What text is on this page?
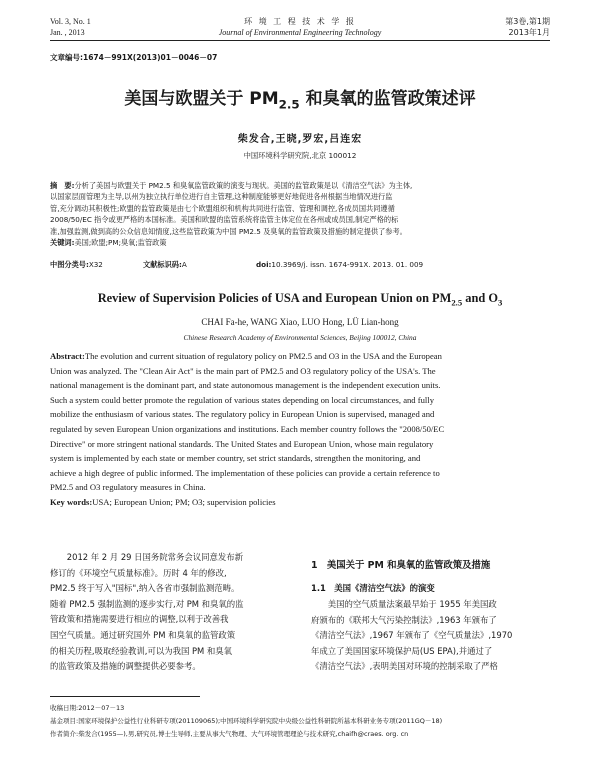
Vol. 3, No. 1
Jan. , 2013
环 境 工 程 技 术 学 报
Journal of Environmental Engineering Technology
第3卷,第1期
2013年1月
文章编号:1674－991X(2013)01－0046－07
美国与欧盟关于 $PM_{2.5}$ 和臭氧的监管政策述评
柴发合,王晓,罗宏,吕连宏
中国环境科学研究院,北京 100012
摘　要:分析了美国与欧盟关于 PM2.5 和臭氧监管政策的演变与现状。美国的监管政策是以《清洁空气法》为主体,
以国家层面管理为主导,以州为独立执行单位进行自主管理,这种制度能够更好地促进各州根据当地情况进行监
管,充分调动其积极性;欧盟的监管政策是由七个欧盟组织和机构共同进行监管、管理和调控,各成员国共同遵循
2008/50/EC 指令或更严格的本国标准。美国和欧盟的监管系统将监管主体定位在各州或成员国,制定严格的标
准,加强监测,做到高的公众信息知情度,这些监管政策为中国 PM2.5 及臭氧的监管政策及措施的制定提供了参考。
关键词:美国;欧盟;PM;臭氧;监管政策
中图分类号:X32	文献标识码:A	doi:10.3969/j. issn. 1674-991X. 2013. 01. 009
Review of Supervision Policies of USA and European Union on $PM_{2.5}$ and $O_3$
CHAI Fa-he, WANG Xiao, LUO Hong, LÜ Lian-hong
Chinese Research Academy of Environmental Sciences, Beijing 100012, China
Abstract:The evolution and current situation of regulatory policy on PM2.5 and O3 in the USA and the European
Union was analyzed. The "Clean Air Act" is the main part of PM2.5 and O3 regulatory policy of the USA's. The
national management is the dominant part, and state autonomous management is the independent execution units.
Such a system could better promote the regulation of various states depending on local circumstances, and fully
mobilize the enthusiasm of various states. The regulatory policy in European Union is supervised, managed and
regulated by seven European Union organizations and institutions. Each member country follows the "2008/50/EC
Directive" or more stringent national standards. The United States and European Union, whose main regulatory
system is implemented by each state or member country, set strict standards, strengthen the monitoring, and
achieve a high degree of public informed. The implementation of these policies can provide a certain reference to
PM2.5 and O3 regulatory measures in China.
Key words:USA; European Union; PM; O3; supervision policies
2012 年 2 月 29 日国务院常务会议同意发布新
修订的《环境空气质量标准》。历时 4 年的修改,
PM2.5 终于写入"国标",纳入各省市强制监测范畴。
随着 PM2.5 强制监测的逐步实行,对 PM 和臭氧的监
管政策和措施需要进行相应的调整,以利于改善我
国空气质量。通过研究国外 PM 和臭氧的监管政策
的相关历程,吸取经验教训,可以为我国 PM 和臭氧
的监管政策及措施的调整提供必要参考。
1　美国关于 PM 和臭氧的监管政策及措施
1.1　美国《清洁空气法》的演变
美国的空气质量法案最早始于 1955 年美国政
府颁布的《联邦大气污染控制法》,1963 年颁布了
《清洁空气法》,1967 年颁布了《空气质量法》,1970
年成立了美国国家环境保护局(US EPA),并通过了
《清洁空气法》,表明美国对环境的控制采取了严格
收稿日期:2012－07－13
基金项目:国家环境保护公益性行业科研专项(201109065);中国环境科学研究院中央级公益性科研院所基本科研业务专项(2011GQ－18)
作者简介:柴发合(1955—),男,研究员,博士生导师,主要从事大气物理、大气环境管理理论与技术研究,chaifh@craes. org. cn
